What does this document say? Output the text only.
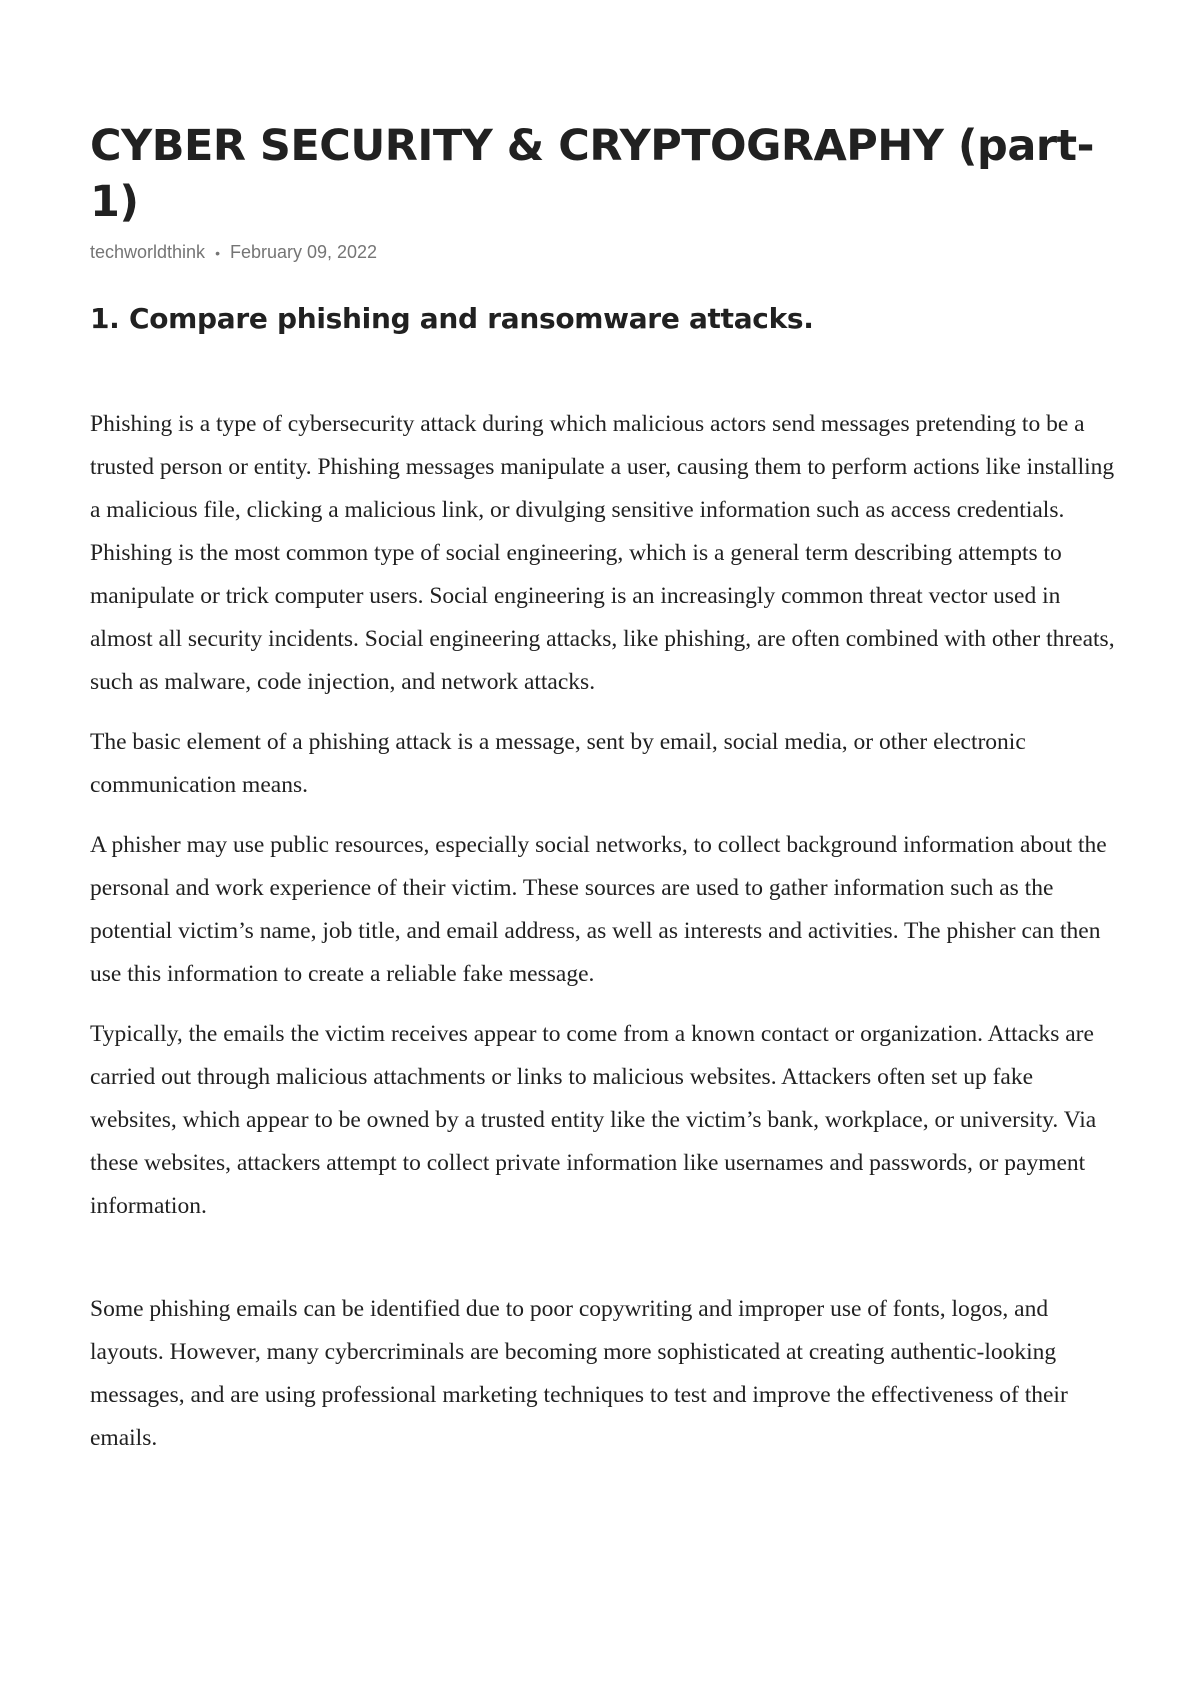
CYBER SECURITY & CRYPTOGRAPHY (part-1)
techworldthink • February 09, 2022
1. Compare phishing and ransomware attacks.

Phishing is a type of cybersecurity attack during which malicious actors send messages pretending to be a trusted person or entity. Phishing messages manipulate a user, causing them to perform actions like installing a malicious file, clicking a malicious link, or divulging sensitive information such as access credentials. Phishing is the most common type of social engineering, which is a general term describing attempts to manipulate or trick computer users. Social engineering is an increasingly common threat vector used in almost all security incidents. Social engineering attacks, like phishing, are often combined with other threats, such as malware, code injection, and network attacks.

The basic element of a phishing attack is a message, sent by email, social media, or other electronic communication means.

A phisher may use public resources, especially social networks, to collect background information about the personal and work experience of their victim. These sources are used to gather information such as the potential victim’s name, job title, and email address, as well as interests and activities. The phisher can then use this information to create a reliable fake message.

Typically, the emails the victim receives appear to come from a known contact or organization. Attacks are carried out through malicious attachments or links to malicious websites. Attackers often set up fake websites, which appear to be owned by a trusted entity like the victim’s bank, workplace, or university. Via these websites, attackers attempt to collect private information like usernames and passwords, or payment information.

Some phishing emails can be identified due to poor copywriting and improper use of fonts, logos, and layouts. However, many cybercriminals are becoming more sophisticated at creating authentic-looking messages, and are using professional marketing techniques to test and improve the effectiveness of their emails.
